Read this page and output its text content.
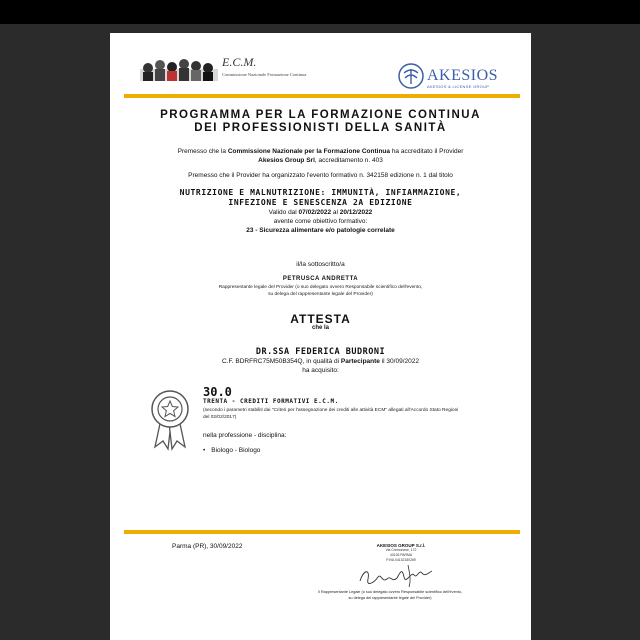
E.C.M.
Commissione Nazionale Formazione Continua	AKESIOS
AKESIOS & LICENSE GROUP
PROGRAMMA PER LA FORMAZIONE CONTINUA
DEI PROFESSIONISTI DELLA SANITÀ
Premesso che la Commissione Nazionale per la Formazione Continua ha accreditato il Provider
Akesios Group Srl, accreditamento n. 403
Premesso che il Provider ha organizzato l'evento formativo n. 342158 edizione n. 1 dal titolo
NUTRIZIONE E MALNUTRIZIONE: IMMUNITÀ, INFIAMMAZIONE,
INFEZIONE E SENESCENZA 2A EDIZIONE
Valido dal 07/02/2022 al 20/12/2022
avente come obiettivo formativo:
23 - Sicurezza alimentare e/o patologie correlate
il/la sottoscritto/a
PETRUSCA ANDRETTA
Rappresentante legale del Provider (o suo delegato ovvero Responsabile scientifico dell'evento,
su delega del rappresentante legale del Provider)
ATTESTA
che la
DR.SSA FEDERICA BUDRONI
C.F. BDRFRC75M50B354Q, in qualità di Partecipante il 30/09/2022
ha acquisito:
30.0
TRENTA - CREDITI FORMATIVI E.C.M.
(secondo i parametri stabiliti dai "Criteri per l'assegnazione dei crediti alle attività ECM" allegati all'Accordo Stato Regioni del 02/02/2017)
nella professione - disciplina:
• Biologo - Biologo
Parma (PR), 30/09/2022	AKESIOS GROUP S.r.l.
Via Cremonese, 172
43126 PARMA
P.IVA 04132180269
Il Rappresentante Legale (o suo delegato ovvero Responsabile scientifico dell'evento,
su delega del rappresentante legale del Provider)
